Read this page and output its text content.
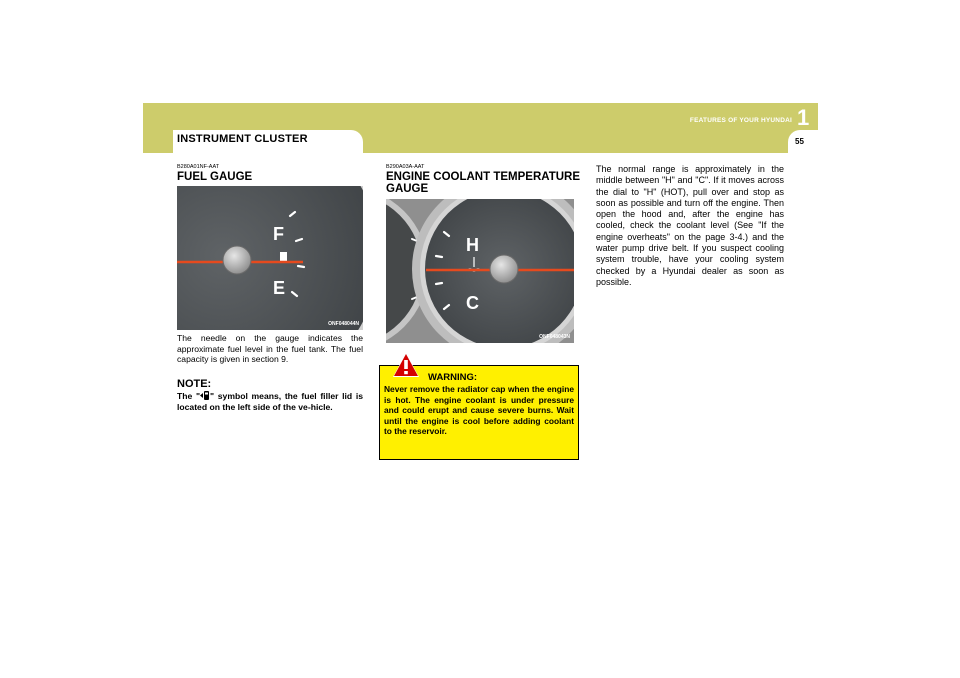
INSTRUMENT CLUSTER
FEATURES OF YOUR HYUNDAI 1
55
B280A01NF-AAT
FUEL GAUGE
F
E
ONF048044N
The needle on the gauge indicates the approximate fuel level in the fuel tank. The fuel capacity is given in section 9.
NOTE:
The " " symbol means, the fuel filler lid is located on the left side of the ve-hicle.
B290A03A-AAT
ENGINE COOLANT TEMPERATURE GAUGE
H
C
ONF048043N
WARNING:
Never remove the radiator cap when the engine is hot. The engine coolant is under pressure and could erupt and cause severe burns. Wait until the engine is cool before adding coolant to the reservoir.
The normal range is approximately in the middle between "H" and "C". If it moves across the dial to "H" (HOT), pull over and stop as soon as possible and turn off the engine. Then open the hood and, after the engine has cooled, check the coolant level (See "If the engine overheats" on the page 3-4.) and the water pump drive belt. If you suspect cooling system trouble, have your cooling system checked by a Hyundai dealer as soon as possible.
